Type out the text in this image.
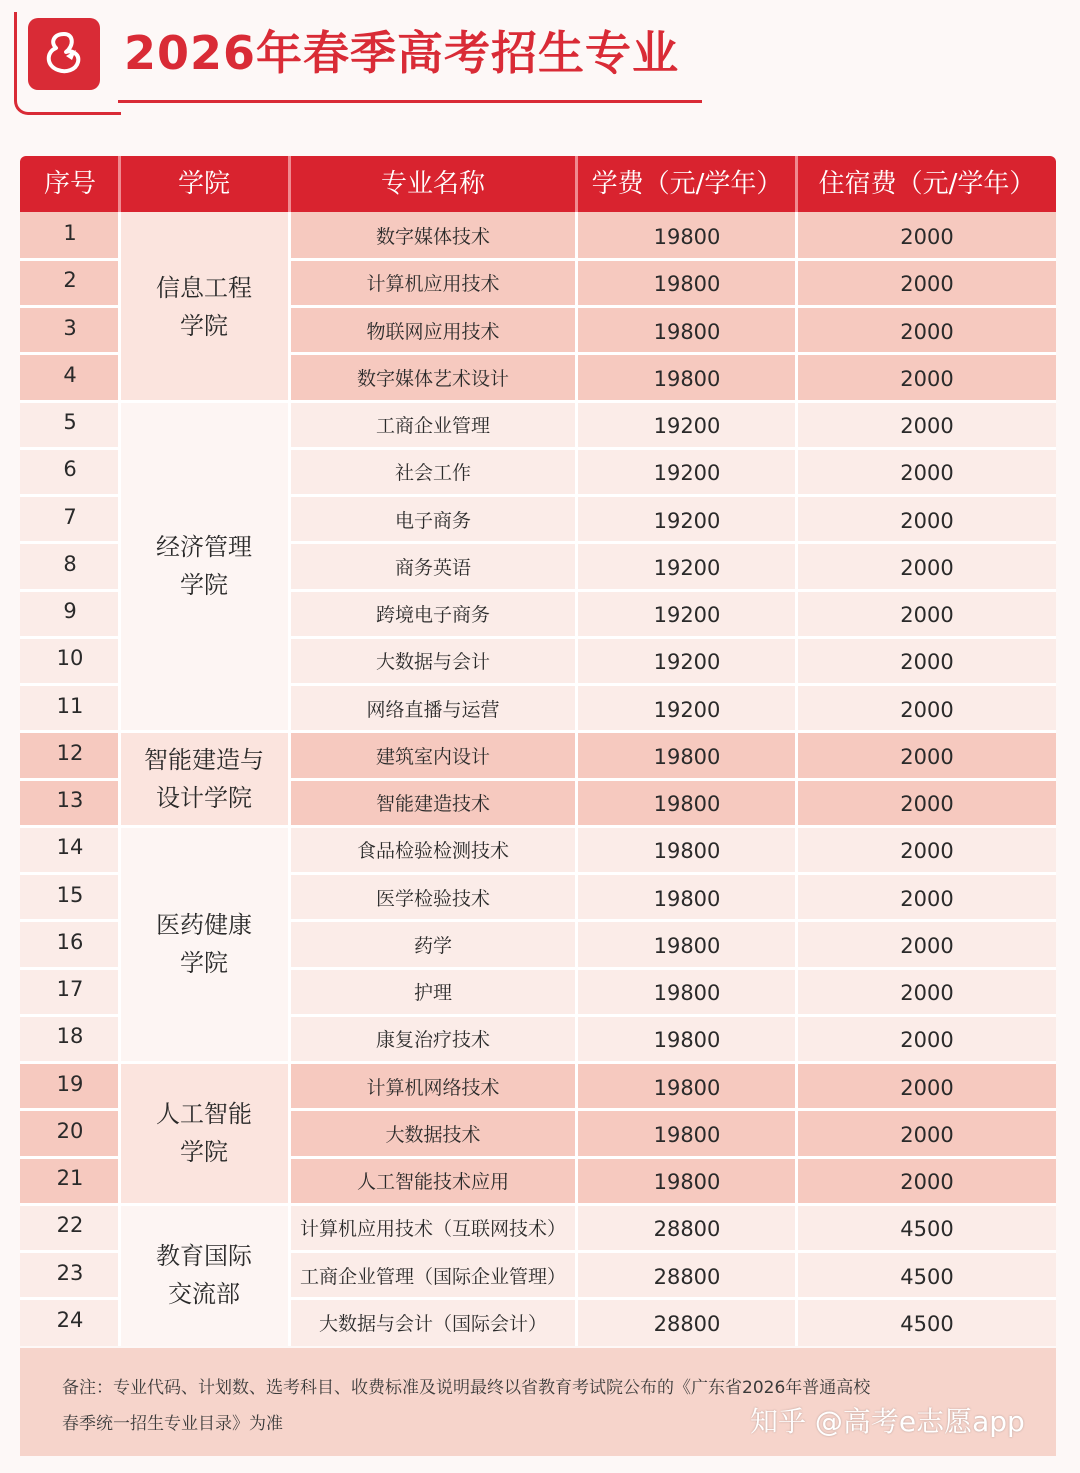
2026年春季高考招生专业
序号	学院	专业名称	学费（元/学年）	住宿费（元/学年）
信息工程
学院
1	数字媒体技术	19800	2000
2	计算机应用技术	19800	2000
3	物联网应用技术	19800	2000
4	数字媒体艺术设计	19800	2000
经济管理
学院
5	工商企业管理	19200	2000
6	社会工作	19200	2000
7	电子商务	19200	2000
8	商务英语	19200	2000
9	跨境电子商务	19200	2000
10	大数据与会计	19200	2000
11	网络直播与运营	19200	2000
智能建造与
设计学院
12	建筑室内设计	19800	2000
13	智能建造技术	19800	2000
医药健康
学院
14	食品检验检测技术	19800	2000
15	医学检验技术	19800	2000
16	药学	19800	2000
17	护理	19800	2000
18	康复治疗技术	19800	2000
人工智能
学院
19	计算机网络技术	19800	2000
20	大数据技术	19800	2000
21	人工智能技术应用	19800	2000
教育国际
交流部
22	计算机应用技术（互联网技术）	28800	4500
23	工商企业管理（国际企业管理）	28800	4500
24	大数据与会计（国际会计）	28800	4500

备注：专业代码、计划数、选考科目、收费标准及说明最终以省教育考试院公布的《广东省2026年普通高校
春季统一招生专业目录》为准	知乎 @高考e志愿app
